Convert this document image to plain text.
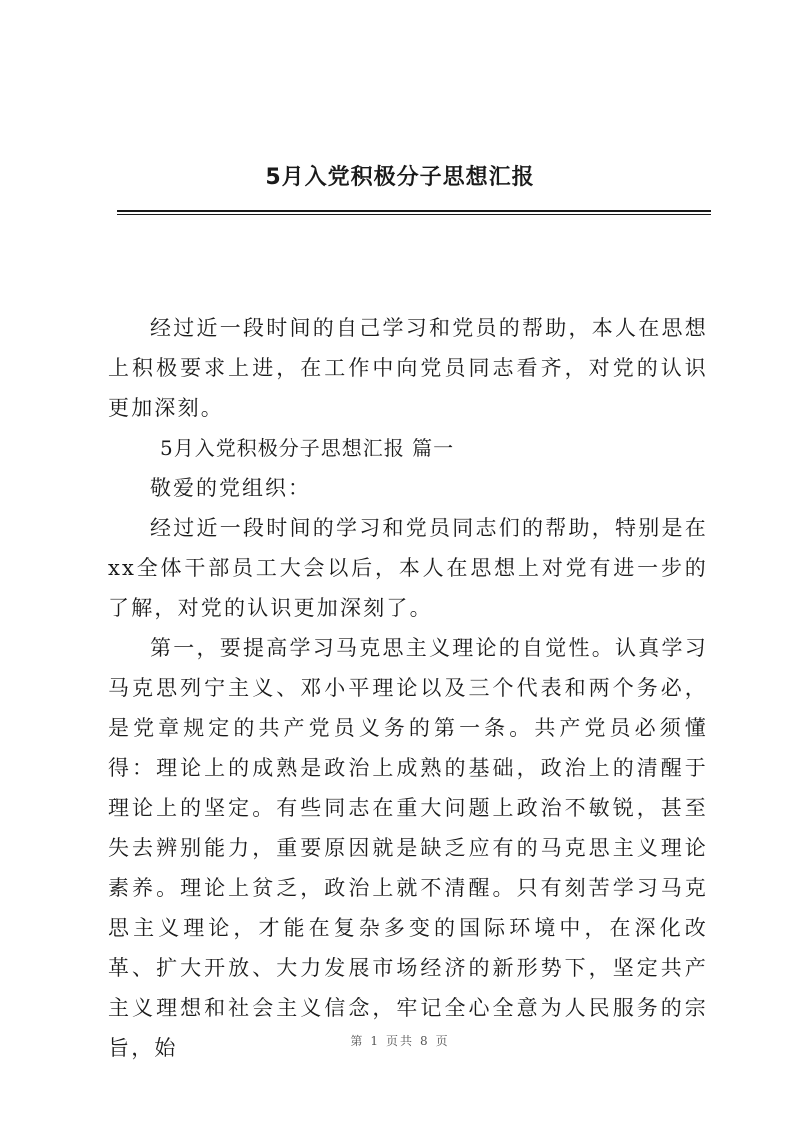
5月入党积极分子思想汇报

经过近一段时间的自己学习和党员的帮助，本人在思想上积极要求上进，在工作中向党员同志看齐，对党的认识更加深刻。

5月入党积极分子思想汇报 篇一

敬爱的党组织：

经过近一段时间的学习和党员同志们的帮助，特别是在xx全体干部员工大会以后，本人在思想上对党有进一步的了解，对党的认识更加深刻了。

第一，要提高学习马克思主义理论的自觉性。认真学习马克思列宁主义、邓小平理论以及三个代表和两个务必，是党章规定的共产党员义务的第一条。共产党员必须懂得：理论上的成熟是政治上成熟的基础，政治上的清醒于理论上的坚定。有些同志在重大问题上政治不敏锐，甚至失去辨别能力，重要原因就是缺乏应有的马克思主义理论素养。理论上贫乏，政治上就不清醒。只有刻苦学习马克思主义理论，才能在复杂多变的国际环境中，在深化改革、扩大开放、大力发展市场经济的新形势下，坚定共产主义理想和社会主义信念，牢记全心全意为人民服务的宗旨，始	第 1 页共 8 页
